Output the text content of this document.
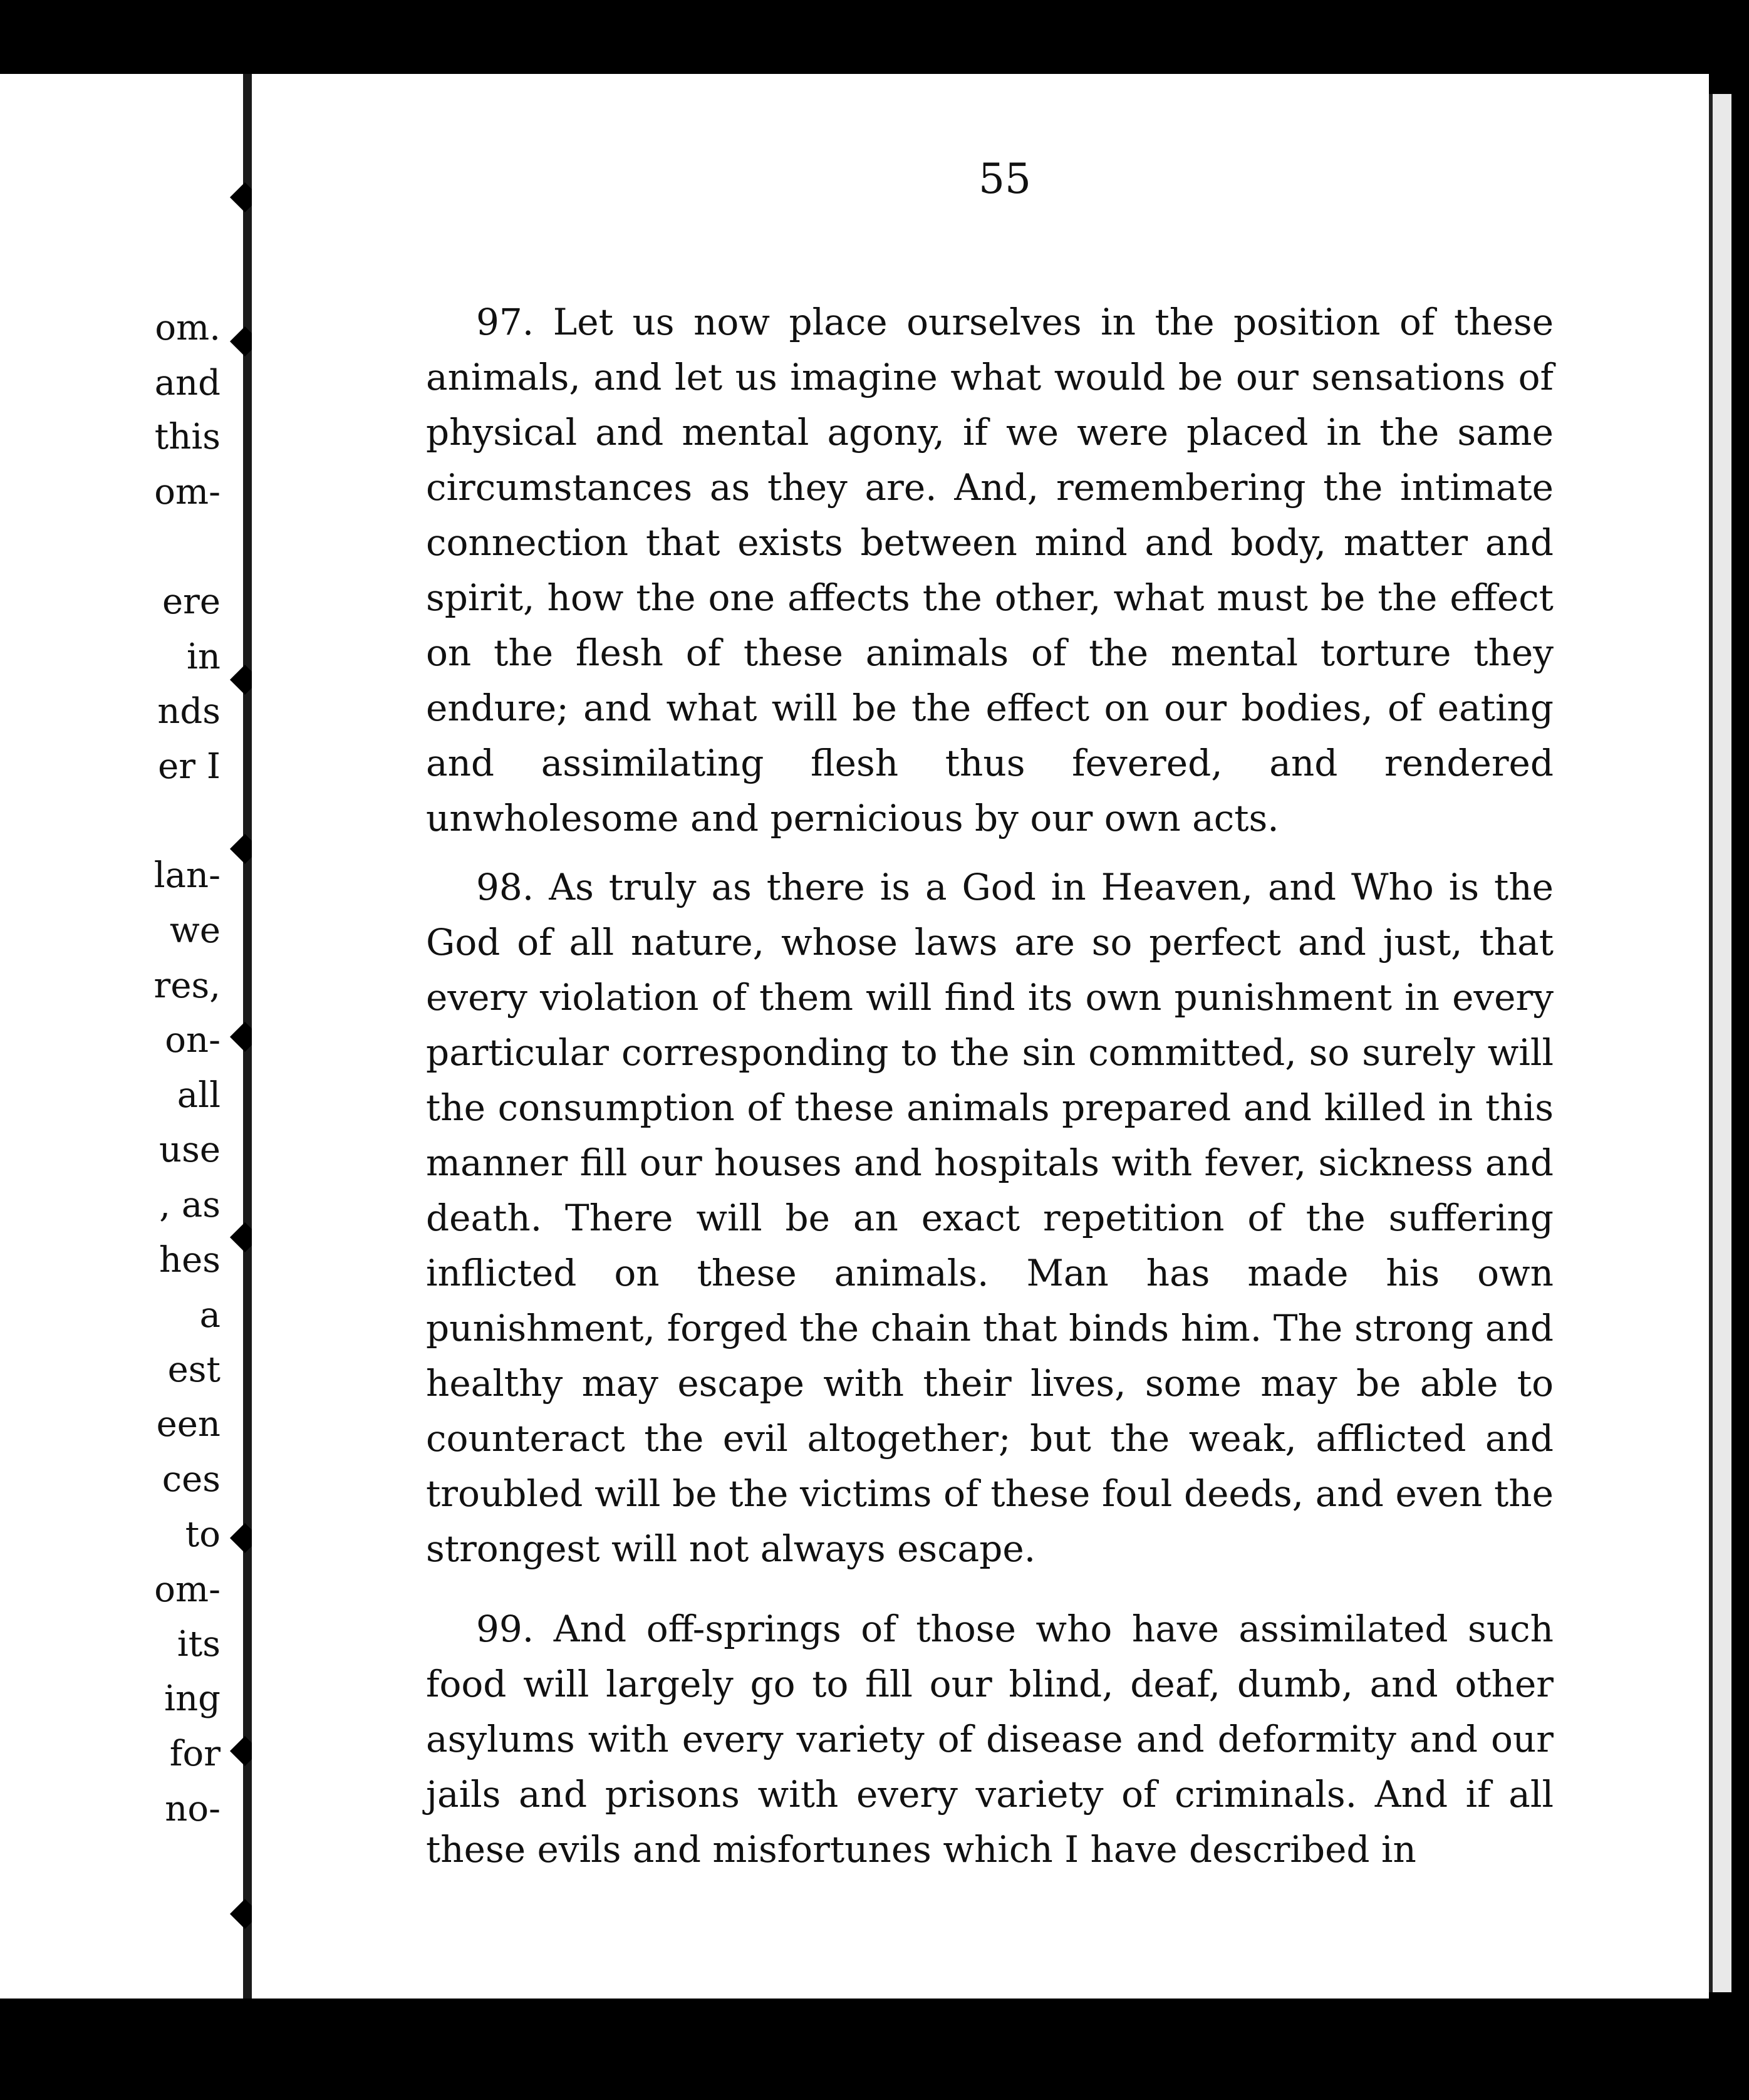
om.
and
this
om-
ere
in
nds
er I
lan-
we
res,
on-
all
use
, as
hes
a
est
een
ces
to
om-
its
ing
for
no-
55

97. Let us now place ourselves in the position of these animals, and let us imagine what would be our sensations of physical and mental agony, if we were placed in the same circumstances as they are. And, remembering the intimate connection that exists between mind and body, matter and spirit, how the one affects the other, what must be the effect on the flesh of these animals of the mental torture they endure; and what will be the effect on our bodies, of eating and assimilating flesh thus fevered, and rendered unwholesome and pernicious by our own acts.

98. As truly as there is a God in Heaven, and Who is the God of all nature, whose laws are so perfect and just, that every violation of them will find its own punishment in every particular corresponding to the sin committed, so surely will the consumption of these animals prepared and killed in this manner fill our houses and hospitals with fever, sickness and death. There will be an exact repetition of the suffering inflicted on these animals. Man has made his own punishment, forged the chain that binds him. The strong and healthy may escape with their lives, some may be able to counteract the evil altogether; but the weak, afflicted and troubled will be the victims of these foul deeds, and even the strongest will not always escape.

99. And off-springs of those who have assimilated such food will largely go to fill our blind, deaf, dumb, and other asylums with every variety of disease and deformity and our jails and prisons with every variety of criminals. And if all these evils and misfortunes which I have described in
